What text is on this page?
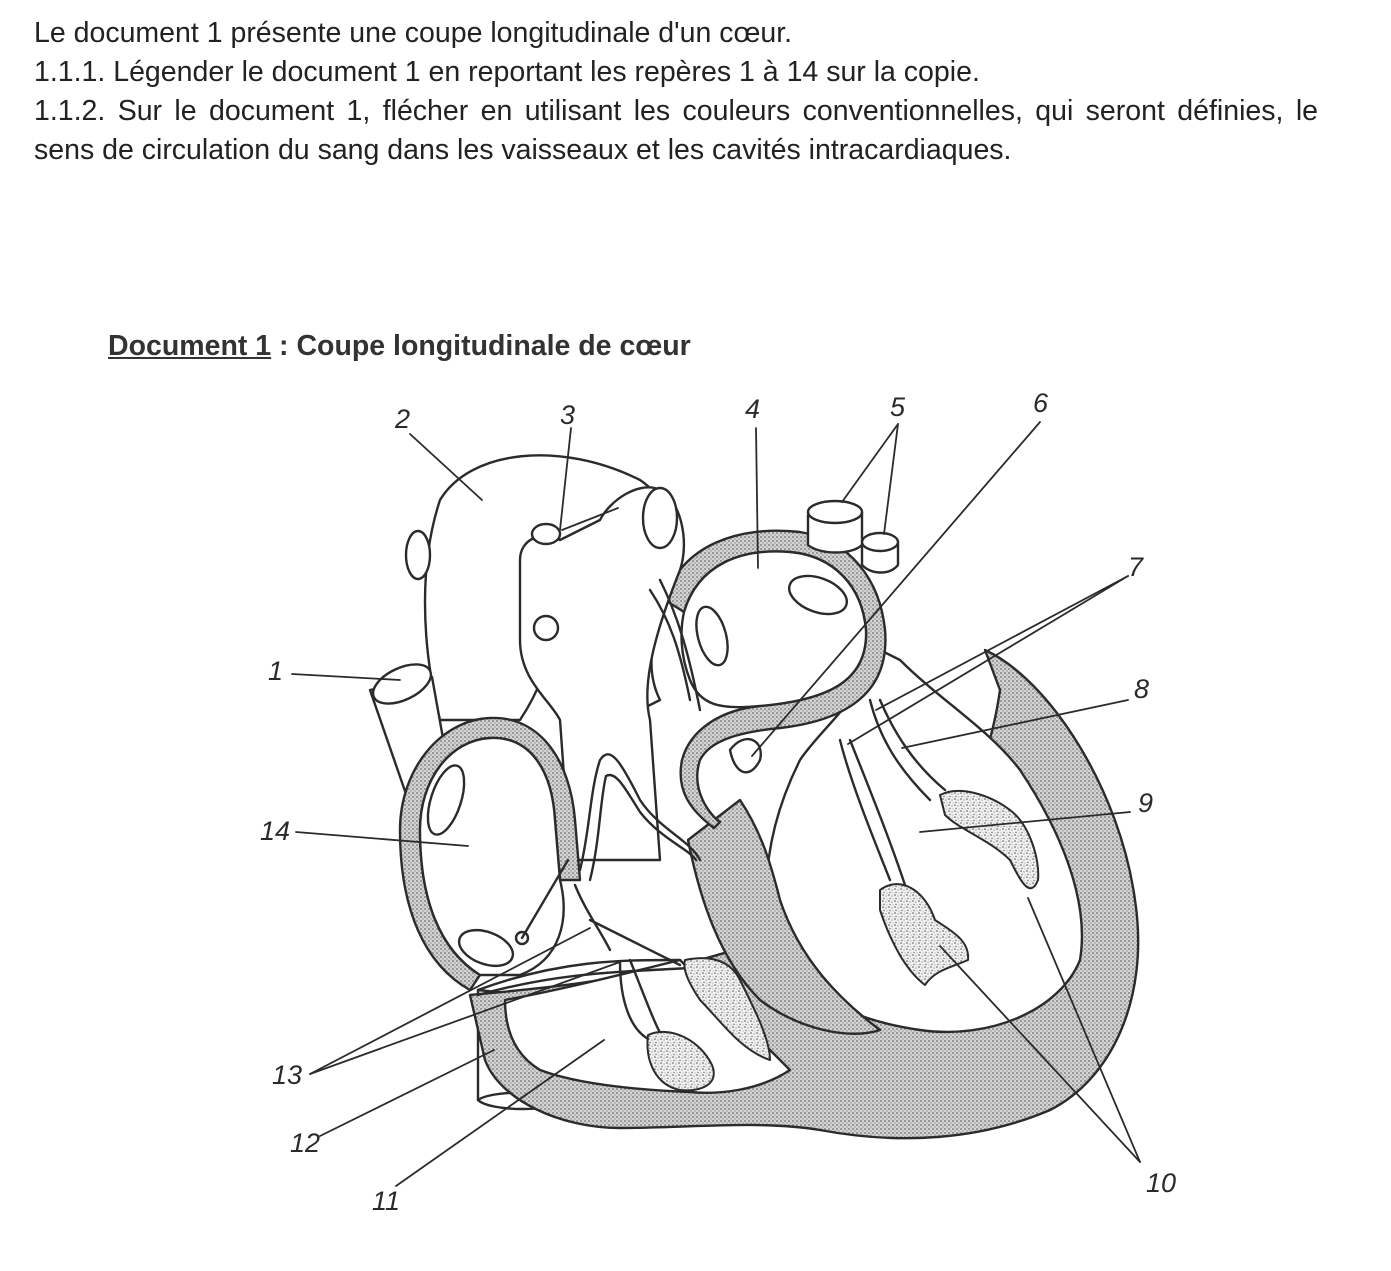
Le document 1 présente une coupe longitudinale d'un cœur.

1.1.1. Légender le document 1 en reportant les repères 1 à 14 sur la copie.

1.1.2. Sur le document 1, flécher en utilisant les couleurs conventionnelles, qui seront définies, le sens de circulation du sang dans les vaisseaux et les cavités intracardiaques.

Document 1 : Coupe longitudinale de cœur
1
2	3	4	5	6
7
8
9
10
11
12
13
14
